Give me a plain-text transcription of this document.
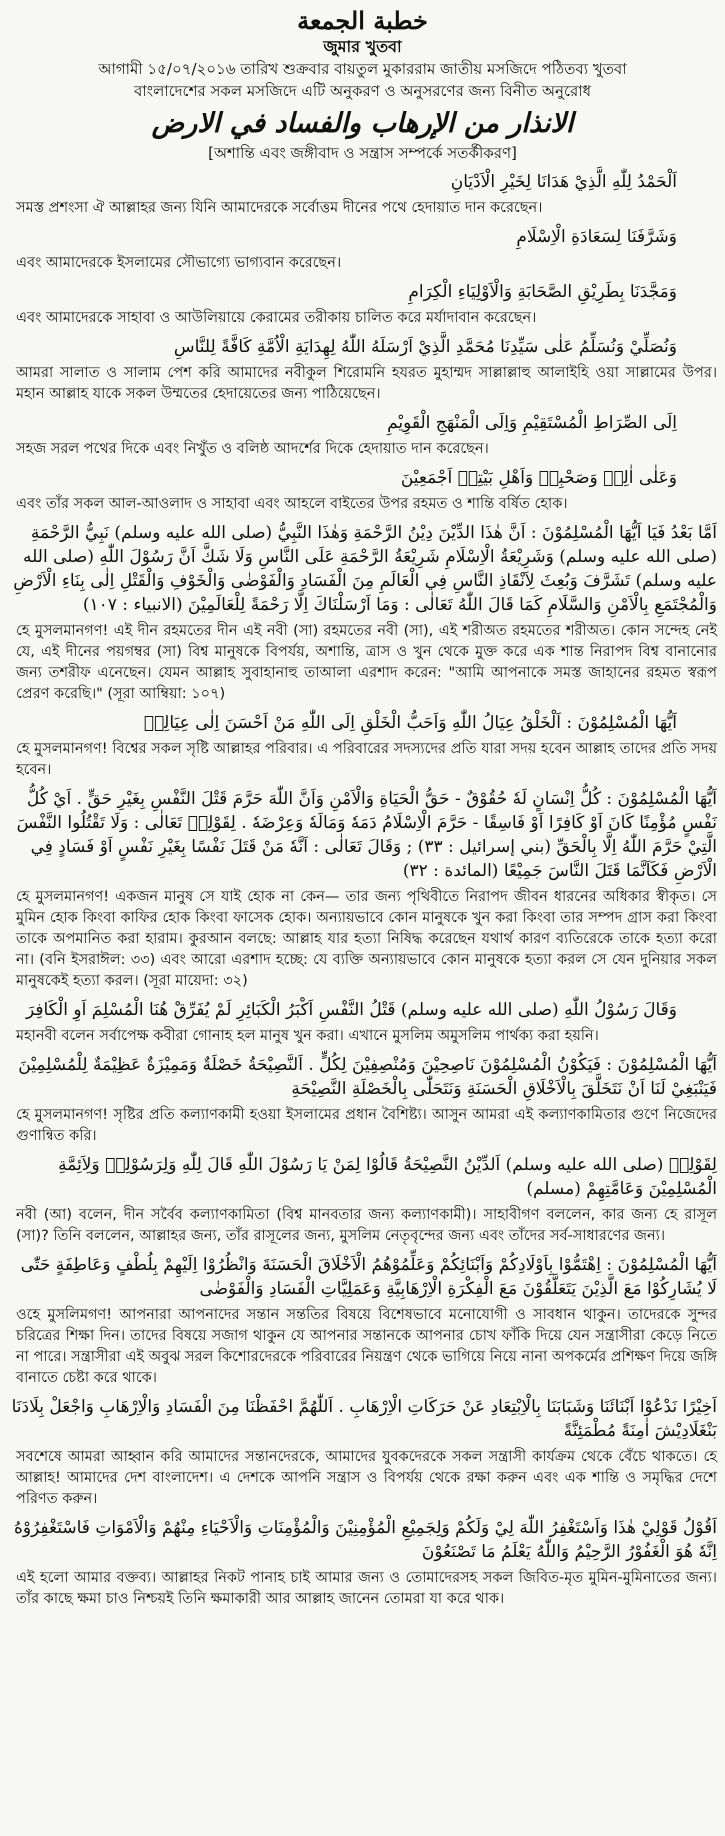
خطبة الجمعة
জুমার খুতবা
আগামী ১৫/০৭/২০১৬ তারিখ শুক্রবার বায়তুল মুকাররাম জাতীয় মসজিদে পঠিতব্য খুতবা
বাংলাদেশের সকল মসজিদে এটি অনুকরণ ও অনুসরণের জন্য বিনীত অনুরোধ
الانذار من الإرهاب والفساد في الارض
[অশান্তি এবং জঙ্গীবাদ ও সন্ত্রাস সম্পর্কে সতর্কীকরণ]
اَلْحَمْدُ لِلّٰهِ الَّذِيْ هَدَانَا لِخَيْرِ الْاَدْيَانِ
সমস্ত প্রশংসা ঐ আল্লাহর জন্য যিনি আমাদেরকে সর্বোত্তম দীনের পথে হেদায়াত দান করেছেন।
وَشَرَّفَنَا لِسَعَادَةِ الْاِسْلَامِ
এবং আমাদেরকে ইসলামের সৌভাগ্যে ভাগ্যবান করেছেন।
وَمَجَّدَنَا بِطَرِيْقِ الصَّحَابَةِ وَالْاَوْلِيَاءِ الْكِرَامِ
এবং আমাদেরকে সাহাবা ও আউলিয়ায়ে কেরামের তরীকায় চালিত করে মর্যাদাবান করেছেন।
وَنُصَلِّيْ وَنُسَلِّمُ عَلٰى سَيِّدِنَا مُحَمَّدِ الَّذِيْ اَرْسَلَهُ اللّٰهُ لِهِدَايَةِ الْاُمَّةِ كَافَّةً لِلنَّاسِ
আমরা সালাত ও সালাম পেশ করি আমাদের নবীকুল শিরোমনি হযরত মুহাম্মদ সাল্লাল্লাহু আলাইহি ওয়া সাল্লামের উপর। মহান আল্লাহ যাকে সকল উম্মতের হেদায়েতের জন্য পাঠিয়েছেন।
اِلَى الصِّرَاطِ الْمُسْتَقِيْمِ وَاِلَى الْمَنْهَجِ الْقَوِيْمِ
সহজ সরল পথের দিকে এবং নিখুঁত ও বলিষ্ঠ আদর্শের দিকে হেদায়াত দান করেছেন।
وَعَلٰى اٰلِهٖ وَصَحْبِهٖ وَاَهْلِ بَيْتِهٖ اَجْمَعِيْنَ
এবং তাঁর সকল আল-আওলাদ ও সাহাবা এবং আহলে বাইতের উপর রহমত ও শান্তি বর্ষিত হোক।
اَمَّا بَعْدُ فَيَا اَيُّهَا الْمُسْلِمُوْنَ : اَنَّ هٰذَا الدِّيْنَ دِيْنُ الرَّحْمَةِ وَهٰذَا النَّبِيُّ (صلى الله عليه وسلم) نَبِيُّ الرَّحْمَةِ (صلى الله عليه وسلم) وَشَرِيْعَةُ الْاِسْلَامِ شَرِيْعَةُ الرَّحْمَةِ عَلَى النَّاسِ وَلَا شَكَّ اَنَّ رَسُوْلَ اللّٰهِ (صلى الله عليه وسلم) تَشَرَّفَ وَبُعِثَ لِاَنْقَاذِ النَّاسِ فِي الْعَالَمِ مِنَ الْفَسَادِ وَالْفَوْضٰى وَالْخَوْفِ وَالْقَتْلِ اِلٰى بِنَاءِ الْاَرْضِ وَالْمُجْتَمَعِ بِالْاَمْنِ وَالسَّلَامِ كَمَا قَالَ اللّٰهُ تَعَالٰى : وَمَا اَرْسَلْنَاكَ اِلَّا رَحْمَةً لِلْعَالَمِيْنَ (الانبياء : ١٠٧)
হে মুসলমানগণ! এই দীন রহমতের দীন এই নবী (সা) রহমতের নবী (সা), এই শরীঅত রহমতের শরীঅত। কোন সন্দেহ নেই যে, এই দীনের পয়গম্বর (সা) বিশ্ব মানুষকে বিপর্যয়, অশান্তি, ত্রাস ও খুন থেকে মুক্ত করে এক শান্ত নিরাপদ বিশ্ব বানানোর জন্য তশরীফ এনেছেন। যেমন আল্লাহ সুবাহানাহু তাআলা এরশাদ করেন: "আমি আপনাকে সমস্ত জাহানের রহমত স্বরূপ প্রেরণ করেছি।" (সূরা আম্বিয়া: ১০৭)
اَيُّهَا الْمُسْلِمُوْنَ : اَلْخَلْقُ عِيَالُ اللّٰهِ وَاَحَبُّ الْخَلْقِ اِلَى اللّٰهِ مَنْ اَحْسَنَ اِلٰى عِيَالِهٖ
হে মুসলমানগণ! বিশ্বের সকল সৃষ্টি আল্লাহর পরিবার। এ পরিবারের সদস্যদের প্রতি যারা সদয় হবেন আল্লাহ তাদের প্রতি সদয় হবেন।
اَيُّهَا الْمُسْلِمُوْنَ : كُلُّ اِنْسَانٍ لَهٗ حُقُوْقٌ - حَقُّ الْحَيَاةِ وَالْاَمْنِ وَاَنَّ اللّٰهَ حَرَّمَ قَتْلَ النَّفْسِ بِغَيْرِ حَقٍّ . اَيْ كُلُّ نَفْسٍ مُؤْمِنًا كَانَ اَوْ كَافِرًا اَوْ فَاسِقًا - حَرَّمَ الْاِسْلَامُ دَمَهٗ وَمَالَهٗ وَعِرْضَهٗ . لِقَوْلِهٖ تَعَالٰى : وَلَا تَقْتُلُوا النَّفْسَ الَّتِيْ حَرَّمَ اللّٰهُ اِلَّا بِالْحَقِّ (بني إسرائيل : ٣٣) ; وَقَالَ تَعَالٰى : اَنَّهٗ مَنْ قَتَلَ نَفْسًا بِغَيْرِ نَفْسٍ اَوْ فَسَادٍ فِي الْاَرْضِ فَكَاَنَّمَا قَتَلَ النَّاسَ جَمِيْعًا (المائدة : ٣٢)
হে মুসলমানগণ! একজন মানুষ সে যাই হোক না কেন— তার জন্য পৃথিবীতে নিরাপদ জীবন ধারনের অধিকার স্বীকৃত। সে মুমিন হোক কিংবা কাফির হোক কিংবা ফাসেক হোক। অন্যায়ভাবে কোন মানুষকে খুন করা কিংবা তার সম্পদ গ্রাস করা কিংবা তাকে অপমানিত করা হারাম। কুরআন বলছে: আল্লাহ যার হত্যা নিষিদ্ধ করেছেন যথার্থ কারণ ব্যতিরেকে তাকে হত্যা করো না। (বনি ইসরাঈল: ৩৩) এবং আরো এরশাদ হচ্ছে: যে ব্যক্তি অন্যায়ভাবে কোন মানুষকে হত্যা করল সে যেন দুনিয়ার সকল মানুষকেই হত্যা করল। (সূরা মায়েদা: ৩২)
وَقَالَ رَسُوْلُ اللّٰهِ (صلى الله عليه وسلم) قَتْلُ النَّفْسِ اَكْبَرُ الْكَبَائِرِ لَمْ يُفَرِّقْ هُنَا الْمُسْلِمَ اَوِ الْكَافِرَ
মহানবী বলেন সর্বাপেক্ষ কবীরা গোনাহ হল মানুষ খুন করা। এখানে মুসলিম অমুসলিম পার্থক্য করা হয়নি।
اَيُّهَا الْمُسْلِمُوْنَ : فَيَكُوْنُ الْمُسْلِمُوْنَ نَاصِحِيْنَ وَمُنْصِفِيْنَ لِكُلٍّ . اَلنَّصِيْحَةُ خَصْلَةٌ وَمَمِيْزَةٌ عَظِيْمَةٌ لِلْمُسْلِمِيْنَ فَيَنْبَغِيْ لَنَا اَنْ نَتَخَلَّقَ بِالْاَخْلَاقِ الْحَسَنَةِ وَنَتَحَلّٰى بِالْخَصْلَةِ النَّصِيْحَةِ
হে মুসলমানগণ! সৃষ্টির প্রতি কল্যাণকামী হওয়া ইসলামের প্রধান বৈশিষ্ট্য। আসুন আমরা এই কল্যাণকামিতার গুণে নিজেদের গুণান্বিত করি।
لِقَوْلِهٖ (صلى الله عليه وسلم) اَلدِّيْنُ النَّصِيْحَةُ قَالُوْا لِمَنْ يَا رَسُوْلَ اللّٰهِ قَالَ لِلّٰهِ وَلِرَسُوْلِهٖ وَلِاَئِمَّةِ الْمُسْلِمِيْنَ وَعَامَّتِهِمْ (مسلم)
নবী (আ) বলেন, দীন সর্বৈব কল্যাণকামিতা (বিশ্ব মানবতার জন্য কল্যাণকামী)। সাহাবীগণ বললেন, কার জন্য হে রাসূল (সা)? তিনি বললেন, আল্লাহর জন্য, তাঁর রাসূলের জন্য, মুসলিম নেতৃবৃন্দের জন্য এবং তাঁদের সর্ব-সাধারণের জন্য।
اَيُّهَا الْمُسْلِمُوْنَ : اِهْتَمُّوْا بِاَوْلَادِكُمْ وَاَبْنَائِكُمْ وَعَلِّمُوْهُمُ الْاَخْلَاقَ الْحَسَنَةَ وَانْظُرُوْا اِلَيْهِمْ بِلُطْفٍ وَعَاطِفَةٍ حَتّٰى لَا يُشَارِكُوْا مَعَ الَّذِيْنَ يَتَعَلَّقُوْنَ مَعَ الْفِكْرَةِ الْاِرْهَابِيَّةِ وَعَمَلِيَّاتِ الْفَسَادِ وَالْفَوْضٰى
ওহে মুসলিমগণ! আপনারা আপনাদের সন্তান সন্ততির বিষয়ে বিশেষভাবে মনোযোগী ও সাবধান থাকুন। তাদেরকে সুন্দর চরিত্রের শিক্ষা দিন। তাদের বিষয়ে সজাগ থাকুন যে আপনার সন্তানকে আপনার চোখ ফাঁকি দিয়ে যেন সন্ত্রাসীরা কেড়ে নিতে না পারে। সন্ত্রাসীরা এই অবুঝ সরল কিশোরদেরকে পরিবারের নিয়ন্ত্রণ থেকে ভাগিয়ে নিয়ে নানা অপকর্মের প্রশিক্ষণ দিয়ে জঙ্গি বানাতে চেষ্টা করে থাকে।
اَخِيْرًا نَدْعُوْا اَبْنَائَنَا وَشَبَابَنَا بِالْاِبْتِعَادِ عَنْ حَرَكَاتِ الْاِرْهَابِ . اَللّٰهُمَّ احْفَظْنَا مِنَ الْفَسَادِ وَالْاِرْهَابِ وَاجْعَلْ بِلَادَنَا بَنْغَلَادِيْشَ اٰمِنَةً مُطْمَئِنَّةً
সবশেষে আমরা আহ্বান করি আমাদের সন্তানদেরকে, আমাদের যুবকদেরকে সকল সন্ত্রাসী কার্যক্রম থেকে বেঁচে থাকতে। হে আল্লাহ! আমাদের দেশ বাংলাদেশ। এ দেশকে আপনি সন্ত্রাস ও বিপর্যয় থেকে রক্ষা করুন এবং এক শান্তি ও সমৃদ্ধির দেশে পরিণত করুন।
اَقُوْلُ قَوْلِيْ هٰذَا وَاَسْتَغْفِرُ اللّٰهَ لِيْ وَلَكُمْ وَلِجَمِيْعِ الْمُؤْمِنِيْنَ وَالْمُؤْمِنَاتِ وَالْاَحْيَاءِ مِنْهُمْ وَالْاَمْوَاتِ فَاسْتَغْفِرُوْهُ اِنَّهٗ هُوَ الْغَفُوْرُ الرَّحِيْمُ وَاللّٰهُ يَعْلَمُ مَا تَصْنَعُوْنَ
এই হলো আমার বক্তব্য। আল্লাহর নিকট পানাহ চাই আমার জন্য ও তোমাদেরসহ সকল জিবিত-মৃত মুমিন-মুমিনাতের জন্য। তাঁর কাছে ক্ষমা চাও নিশ্চয়ই তিনি ক্ষমাকারী আর আল্লাহ জানেন তোমরা যা করে থাক।
